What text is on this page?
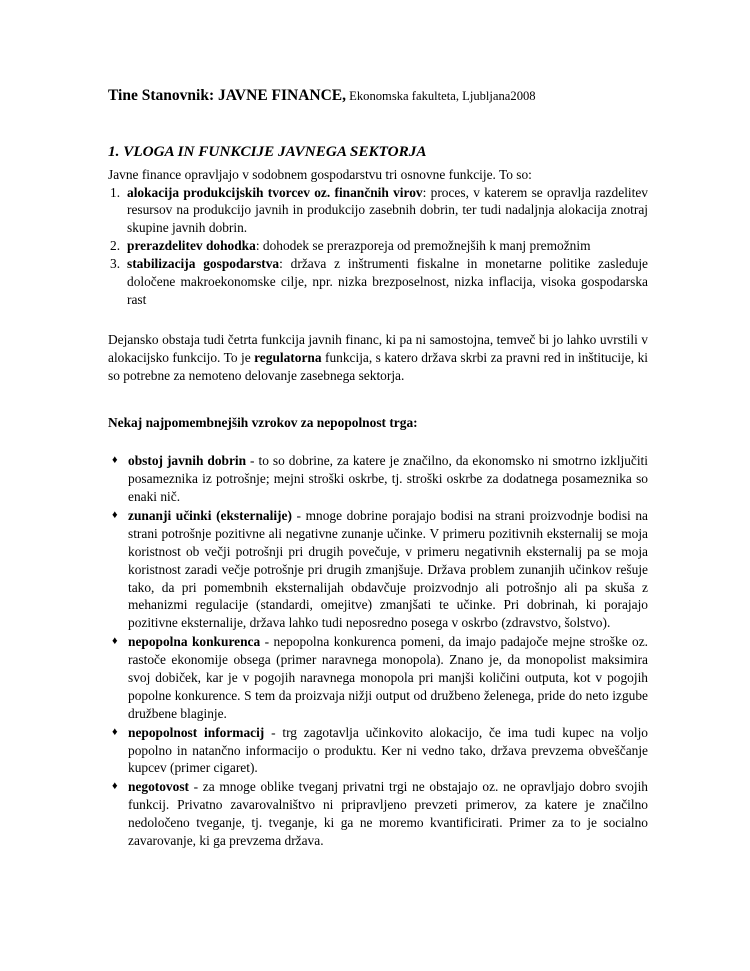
Tine Stanovnik: JAVNE FINANCE, Ekonomska fakulteta, Ljubljana2008
1. VLOGA IN FUNKCIJE JAVNEGA SEKTORJA

Javne finance opravljajo v sodobnem gospodarstvu tri osnovne funkcije. To so:

1. alokacija produkcijskih tvorcev oz. finančnih virov: proces, v katerem se opravlja razdelitev resursov na produkcijo javnih in produkcijo zasebnih dobrin, ter tudi nadaljnja alokacija znotraj skupine javnih dobrin.
2. prerazdelitev dohodka: dohodek se prerazporeja od premožnejših k manj premožnim
3. stabilizacija gospodarstva: država z inštrumenti fiskalne in monetarne politike zasleduje določene makroekonomske cilje, npr. nizka brezposelnost, nizka inflacija, visoka gospodarska rast

Dejansko obstaja tudi četrta funkcija javnih financ, ki pa ni samostojna, temveč bi jo lahko uvrstili v alokacijsko funkcijo. To je regulatorna funkcija, s katero država skrbi za pravni red in inštitucije, ki so potrebne za nemoteno delovanje zasebnega sektorja.

Nekaj najpomembnejših vzrokov za nepopolnost trga:
♦ obstoj javnih dobrin - to so dobrine, za katere je značilno, da ekonomsko ni smotrno izključiti posameznika iz potrošnje; mejni stroški oskrbe, tj. stroški oskrbe za dodatnega posameznika so enaki nič.
♦ zunanji učinki (eksternalije) - mnoge dobrine porajajo bodisi na strani proizvodnje bodisi na strani potrošnje pozitivne ali negativne zunanje učinke. V primeru pozitivnih eksternalij se moja koristnost ob večji potrošnji pri drugih povečuje, v primeru negativnih eksternalij pa se moja koristnost zaradi večje potrošnje pri drugih zmanjšuje. Država problem zunanjih učinkov rešuje tako, da pri pomembnih eksternalijah obdavčuje proizvodnjo ali potrošnjo ali pa skuša z mehanizmi regulacije (standardi, omejitve) zmanjšati te učinke. Pri dobrinah, ki porajajo pozitivne eksternalije, država lahko tudi neposredno posega v oskrbo (zdravstvo, šolstvo).
♦ nepopolna konkurenca - nepopolna konkurenca pomeni, da imajo padajoče mejne stroške oz. rastoče ekonomije obsega (primer naravnega monopola). Znano je, da monopolist maksimira svoj dobiček, kar je v pogojih naravnega monopola pri manjši količini outputa, kot v pogojih popolne konkurence. S tem da proizvaja nižji output od družbeno želenega, pride do neto izgube družbene blaginje.
♦ nepopolnost informacij - trg zagotavlja učinkovito alokacijo, če ima tudi kupec na voljo popolno in natančno informacijo o produktu. Ker ni vedno tako, država prevzema obveščanje kupcev (primer cigaret).
♦ negotovost - za mnoge oblike tveganj privatni trgi ne obstajajo oz. ne opravljajo dobro svojih funkcij. Privatno zavarovalništvo ni pripravljeno prevzeti primerov, za katere je značilno nedoločeno tveganje, tj. tveganje, ki ga ne moremo kvantificirati. Primer za to je socialno zavarovanje, ki ga prevzema država.
